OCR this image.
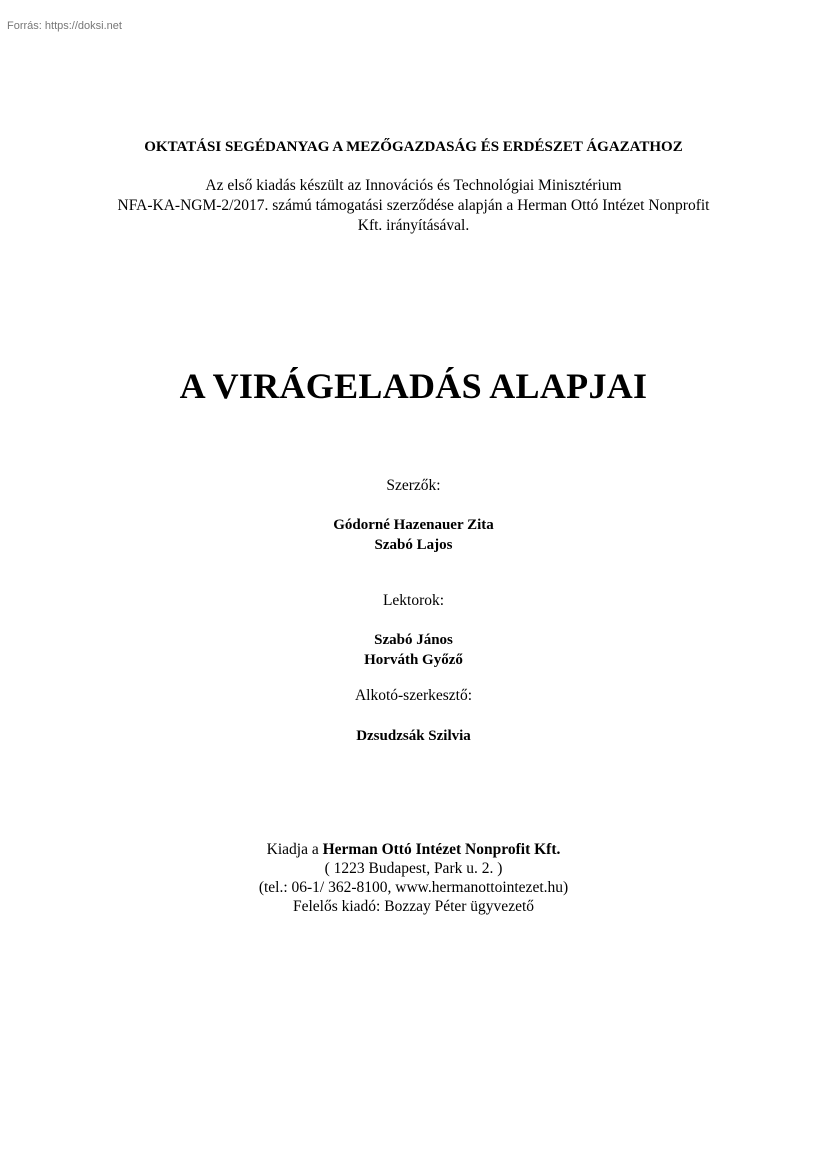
Forrás: https://doksi.net
OKTATÁSI SEGÉDANYAG A MEZŐGAZDASÁG ÉS ERDÉSZET ÁGAZATHOZ
Az első kiadás készült az Innovációs és Technológiai Minisztérium
NFA-KA-NGM-2/2017. számú támogatási szerződése alapján a Herman Ottó Intézet Nonprofit
Kft. irányításával.
A VIRÁGELADÁS ALAPJAI
Szerzők:
Gódorné Hazenauer Zita
Szabó Lajos
Lektorok:
Szabó János
Horváth Győző
Alkotó-szerkesztő:
Dzsudzsák Szilvia
Kiadja a Herman Ottó Intézet Nonprofit Kft.
( 1223 Budapest, Park u. 2. )
(tel.: 06-1/ 362-8100, www.hermanottointezet.hu)
Felelős kiadó: Bozzay Péter ügyvezető
